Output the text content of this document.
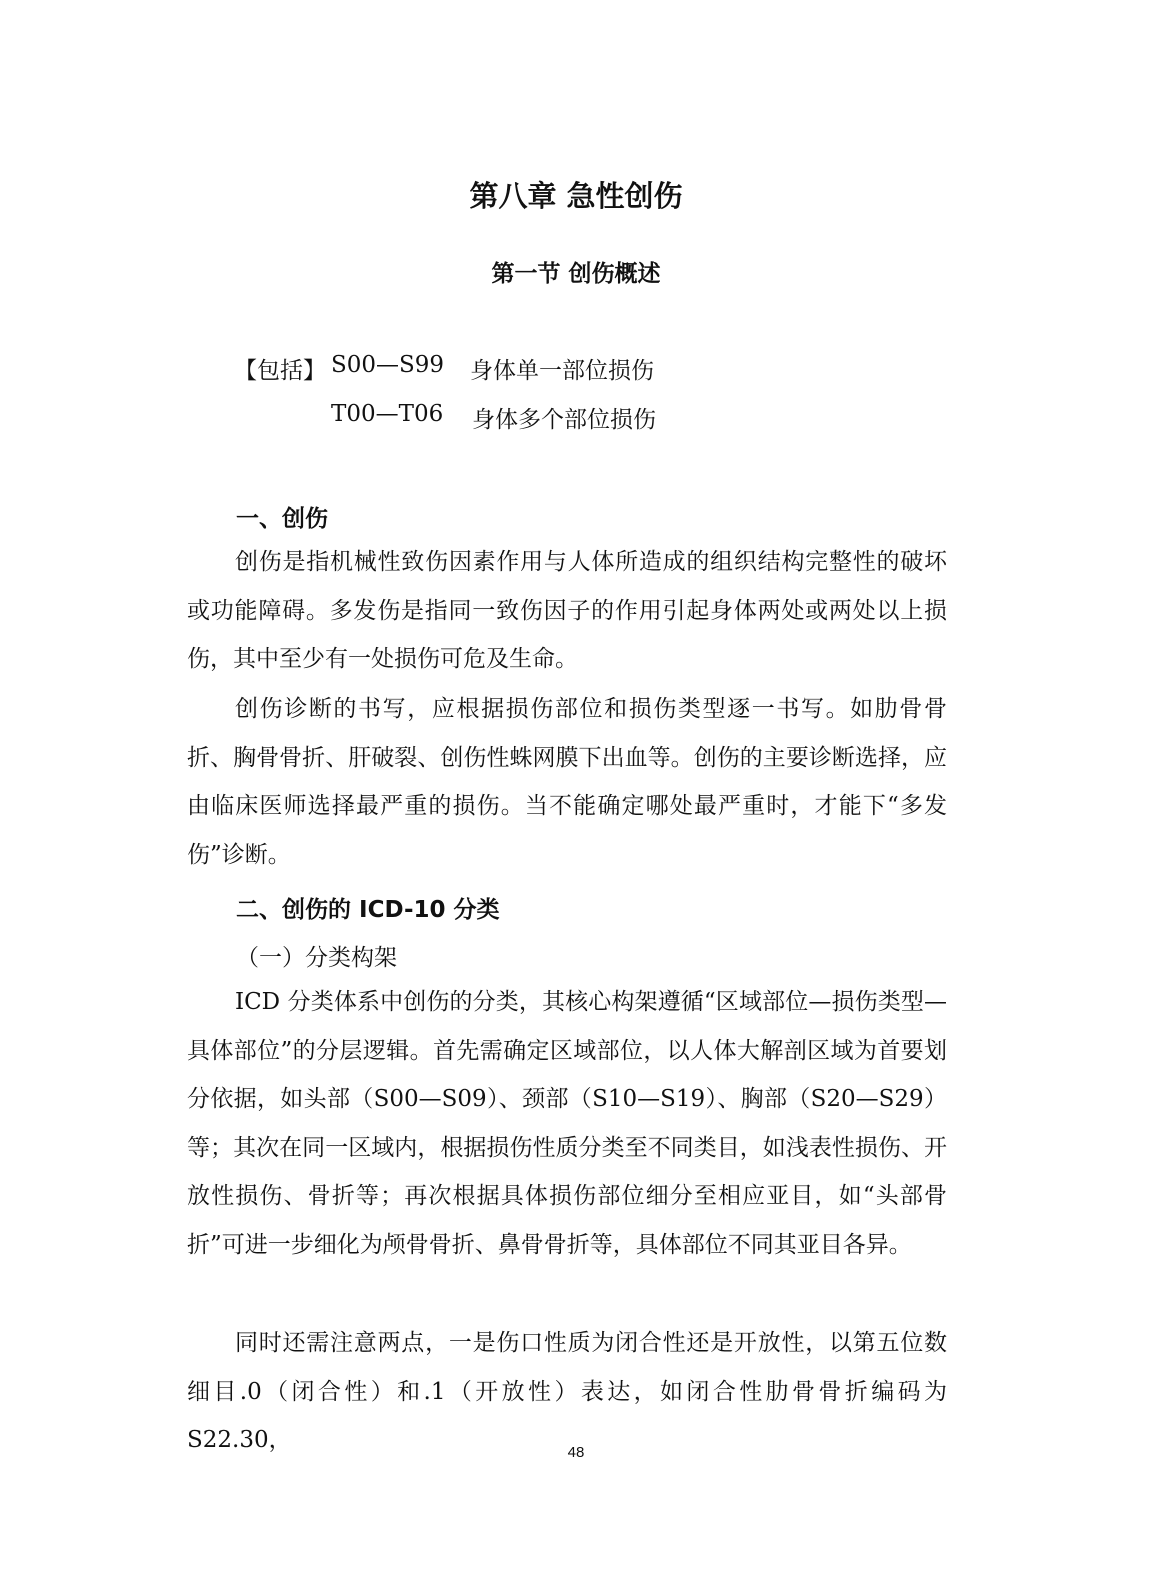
第八章 急性创伤
第一节 创伤概述
【包括】 S00—S99 身体单一部位损伤
T00—T06 身体多个部位损伤
一、创伤

创伤是指机械性致伤因素作用与人体所造成的组织结构完整性的破坏或功能障碍。多发伤是指同一致伤因子的作用引起身体两处或两处以上损伤，其中至少有一处损伤可危及生命。

创伤诊断的书写，应根据损伤部位和损伤类型逐一书写。如肋骨骨折、胸骨骨折、肝破裂、创伤性蛛网膜下出血等。创伤的主要诊断选择，应由临床医师选择最严重的损伤。当不能确定哪处最严重时，才能下“多发伤”诊断。

二、创伤的 ICD-10 分类
（一）分类构架

ICD 分类体系中创伤的分类，其核心构架遵循“区域部位—损伤类型—具体部位”的分层逻辑。首先需确定区域部位，以人体大解剖区域为首要划分依据，如头部（S00—S09）、颈部（S10—S19）、胸部（S20—S29）等；其次在同一区域内，根据损伤性质分类至不同类目，如浅表性损伤、开放性损伤、骨折等；再次根据具体损伤部位细分至相应亚目，如“头部骨折”可进一步细化为颅骨骨折、鼻骨骨折等，具体部位不同其亚目各异。

同时还需注意两点，一是伤口性质为闭合性还是开放性，以第五位数细目.0（闭合性）和.1（开放性）表达，如闭合性肋骨骨折编码为 S22.30，	48
